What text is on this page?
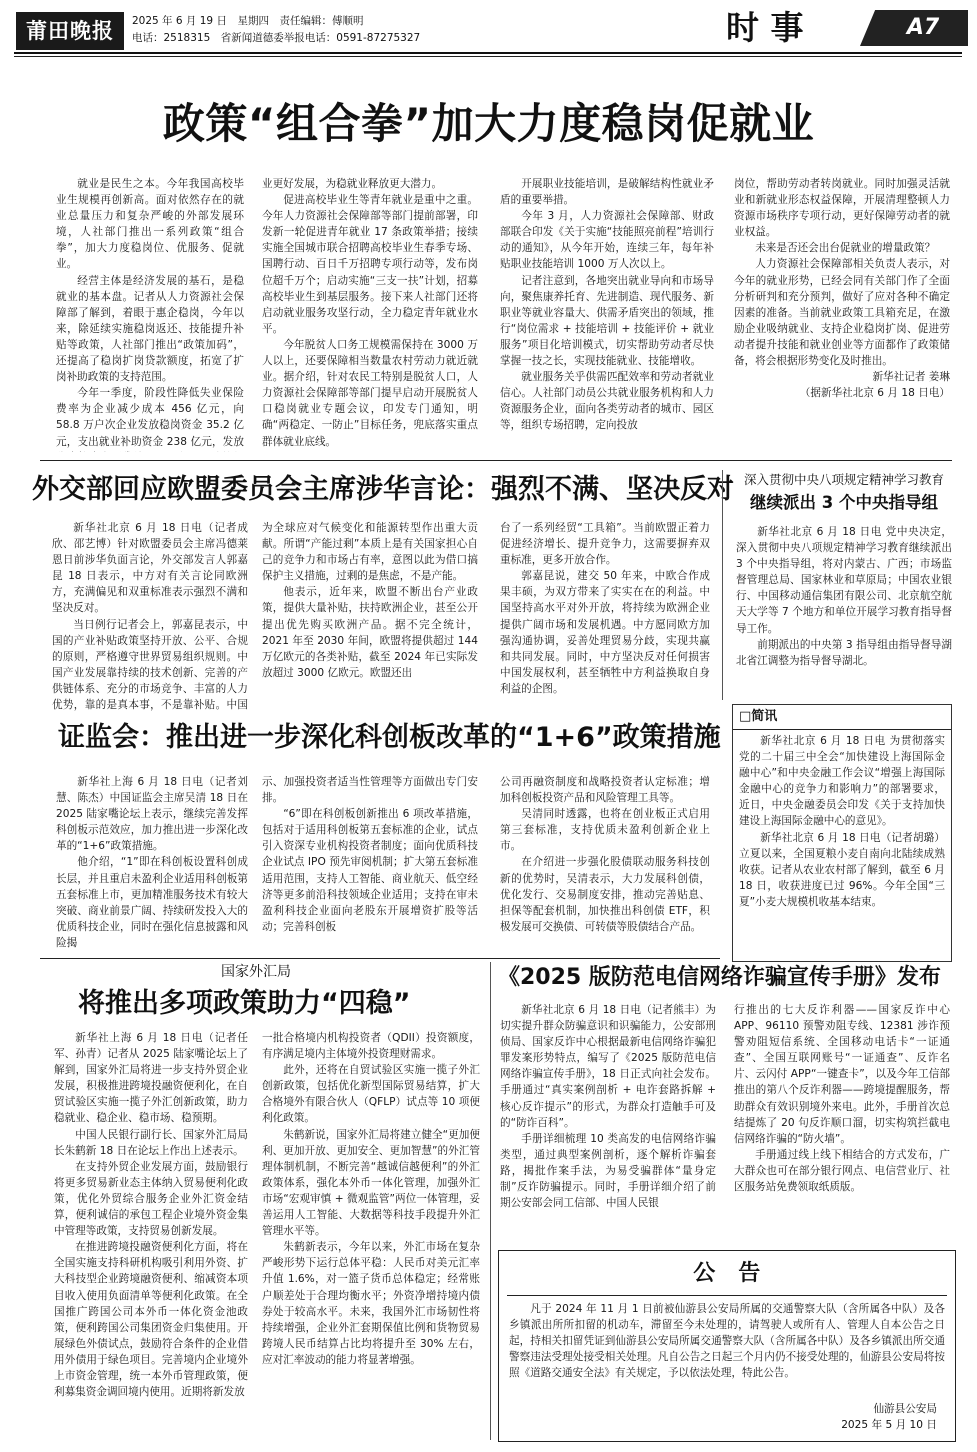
莆田晚报	2025 年 6 月 19 日　星期四　责任编辑：傅顺明
电话：2518315　省新闻道德委举报电话：0591-87275327	时 事	A7
政策“组合拳”加大力度稳岗促就业

就业是民生之本。今年我国高校毕业生规模再创新高。面对依然存在的就业总量压力和复杂严峻的外部发展环境，人社部门推出一系列政策“组合拳”，加大力度稳岗位、优服务、促就业。

经营主体是经济发展的基石，是稳就业的基本盘。记者从人力资源社会保障部了解到，着眼于惠企稳岗，今年以来，除延续实施稳岗返还、技能提升补贴等政策，人社部门推出“政策加码”，还提高了稳岗扩岗贷款额度，拓宽了扩岗补助政策的支持范围。

今年一季度，阶段性降低失业保险费率为企业减少成本 456 亿元，向 58.8 万户次企业发放稳岗资金 35.2 亿元，支出就业补助资金 238 亿元，发放

业更好发展，为稳就业释放更大潜力。

促进高校毕业生等青年就业是重中之重。今年人力资源社会保障部等部门提前部署，印发新一轮促进青年就业 17 条政策举措；接续实施全国城市联合招聘高校毕业生春季专场、国聘行动、百日千万招聘专项行动等，发布岗位超千万个；启动实施“三支一扶”计划，招募高校毕业生到基层服务。接下来人社部门还将启动就业服务攻坚行动，全力稳定青年就业水平。

今年脱贫人口务工规模需保持在 3000 万人以上，还要保障相当数量农村劳动力就近就业。据介绍，针对农民工特别是脱贫人口，人力资源社会保障部等部门提早启动开展脱贫人口稳岗就业专题会议，印发专门通知，明确“两稳定、一防止”目标任务，兜底落实重点群体就业底线。

开展职业技能培训，是破解结构性就业矛盾的重要举措。

今年 3 月，人力资源社会保障部、财政部联合印发《关于实施“技能照亮前程”培训行动的通知》，从今年开始，连续三年，每年补贴职业技能培训 1000 万人次以上。

记者注意到，各地突出就业导向和市场导向，聚焦康养托育、先进制造、现代服务、新职业等就业容量大、供需矛盾突出的领域，推行“岗位需求 + 技能培训 + 技能评价 + 就业服务”项目化培训模式，切实帮助劳动者尽快掌握一技之长，实现技能就业、技能增收。

就业服务关乎供需匹配效率和劳动者就业信心。人社部门动员公共就业服务机构和人力资源服务企业，面向各类劳动者的城市、园区等，组织专场招聘，定向投放

岗位，帮助劳动者转岗就业。同时加强灵活就业和新就业形态权益保障，开展清理整顿人力资源市场秩序专项行动，更好保障劳动者的就业权益。

未来是否还会出台促就业的增量政策？

人力资源社会保障部相关负责人表示，对今年的就业形势，已经会同有关部门作了全面分析研判和充分预判，做好了应对各种不确定因素的准备。当前就业政策工具箱充足，在激励企业吸纳就业、支持企业稳岗扩岗、促进劳动者提升技能和就业创业等方面都作了政策储备，将会根据形势变化及时推出。

新华社记者 姜琳

（据新华社北京 6 月 18 日电）

外交部回应欧盟委员会主席涉华言论：强烈不满、坚决反对

新华社北京 6 月 18 日电（记者成欣、邵艺博）针对欧盟委员会主席冯德莱恩日前涉华负面言论，外交部发言人郭嘉昆 18 日表示，中方对有关言论同欧洲方，充满偏见和双重标准表示强烈不满和坚决反对。

当日例行记者会上，郭嘉昆表示，中国的产业补贴政策坚持开放、公平、合规的原则，严格遵守世界贸易组织规则。中国产业发展靠持续的技术创新、完善的产供链体系、充分的市场竞争、丰富的人力优势，靠的是真本事，不是靠补贴。中国

为全球应对气候变化和能源转型作出重大贡献。所谓“产能过剩”本质上是有关国家担心自己的竞争力和市场占有率，意图以此为借口搞保护主义措施，过剩的是焦虑，不是产能。

他表示，近年来，欧盟不断出台产业政策，提供大量补贴，扶持欧洲企业，甚至公开提出优先购买欧洲产品。据不完全统计，2021 年至 2030 年间，欧盟将提供超过 144 万亿欧元的各类补贴，截至 2024 年已实际发放超过 3000 亿欧元。欧盟还出

台了一系列经贸“工具箱”。当前欧盟正着力促进经济增长、提升竞争力，这需要摒弃双重标准，更多开放合作。

郭嘉昆说，建交 50 年来，中欧合作成果丰硕，为双方带来了实实在在的利益。中国坚持高水平对外开放，将持续为欧洲企业提供广阔市场和发展机遇。中方愿同欧方加强沟通协调，妥善处理贸易分歧，实现共赢和共同发展。同时，中方坚决反对任何损害中国发展权利，甚至牺牲中方利益换取自身利益的企图。

深入贯彻中央八项规定精神学习教育
继续派出 3 个中央指导组

新华社北京 6 月 18 日电 党中央决定，深入贯彻中央八项规定精神学习教育继续派出 3 个中央指导组，将对内蒙古、广西；市场监督管理总局、国家林业和草原局；中国农业银行、中国移动通信集团有限公司、北京航空航天大学等 7 个地方和单位开展学习教育指导督导工作。

前期派出的中央第 3 指导组由指导督导湖北省江调整为指导督导湖北。

证监会：推出进一步深化科创板改革的“1+6”政策措施

新华社上海 6 月 18 日电（记者刘慧、陈杰）中国证监会主席吴清 18 日在 2025 陆家嘴论坛上表示，继续完善发挥科创板示范效应，加力推出进一步深化改革的“1+6”政策措施。

他介绍，“1”即在科创板设置科创成长层，并且重启未盈利企业适用科创板第五套标准上市，更加精准服务技术有较大突破、商业前景广阔、持续研发投入大的优质科技企业，同时在强化信息披露和风险揭

示、加强投资者适当性管理等方面做出专门安排。

“6”即在科创板创新推出 6 项改革措施，包括对于适用科创板第五套标准的企业，试点引入资深专业机构投资者制度；面向优质科技企业试点 IPO 预先审阅机制；扩大第五套标准适用范围，支持人工智能、商业航天、低空经济等更多前沿科技领域企业适用；支持在审未盈利科技企业面向老股东开展增资扩股等活动；完善科创板

公司再融资制度和战略投资者认定标准；增加科创板投资产品和风险管理工具等。

吴清同时透露，也将在创业板正式启用第三套标准，支持优质未盈利创新企业上市。

在介绍进一步强化股债联动服务科技创新的优势时，吴清表示，大力发展科创债，优化发行、交易制度安排，推动完善贴息、担保等配套机制，加快推出科创债 ETF，积极发展可交换债、可转债等股债结合产品。

□简讯

新华社北京 6 月 18 日电 为贯彻落实党的二十届三中全会“加快建设上海国际金融中心”和中央金融工作会议“增强上海国际金融中心的竞争力和影响力”的部署要求，近日，中央金融委员会印发《关于支持加快建设上海国际金融中心的意见》。

新华社北京 6 月 18 日电（记者胡璐）立夏以来，全国夏粮小麦自南向北陆续成熟收获。记者从农业农村部了解到，截至 6 月 18 日，收获进度已过 96%。今年全国“三夏”小麦大规模机收基本结束。

国家外汇局
将推出多项政策助力“四稳”

新华社上海 6 月 18 日电（记者任军、孙青）记者从 2025 陆家嘴论坛上了解到，国家外汇局将进一步支持外贸企业发展，积极推进跨境投融资便利化，在自贸试验区实施一揽子外汇创新政策，助力稳就业、稳企业、稳市场、稳预期。

中国人民银行副行长、国家外汇局局长朱鹤新 18 日在论坛上作出上述表示。

在支持外贸企业发展方面，鼓励银行将更多贸易新业态主体纳入贸易便利化政策，优化外贸综合服务企业外汇资金结算，便利诚信的承包工程企业境外资金集中管理等政策，支持贸易创新发展。

在推进跨境投融资便利化方面，将在全国实施支持科研机构吸引利用外资、扩大科技型企业跨境融资便利、缩减资本项目收入使用负面清单等便利化政策。在全国推广跨国公司本外币一体化资金池政策，便利跨国公司集团资金归集使用。开展绿色外债试点，鼓励符合条件的企业借用外债用于绿色项目。完善境内企业境外上市资金管理，统一本外币管理政策，便利募集资金调回境内使用。近期将新发放

一批合格境内机构投资者（QDII）投资额度，有序满足境内主体境外投资理财需求。

此外，还将在自贸试验区实施一揽子外汇创新政策，包括优化新型国际贸易结算，扩大合格境外有限合伙人（QFLP）试点等 10 项便利化政策。

朱鹤新说，国家外汇局将建立健全“更加便利、更加开放、更加安全、更加智慧”的外汇管理体制机制，不断完善“越诚信越便利”的外汇政策体系，强化本外币一体化管理，加强外汇市场“宏观审慎 + 微观监管”两位一体管理，妥善运用人工智能、大数据等科技手段提升外汇管理水平等。

朱鹤新表示，今年以来，外汇市场在复杂严峻形势下运行总体平稳：人民币对美元汇率升值 1.6%，对一篮子货币总体稳定；经常账户顺差处于合理均衡水平；外资净增持境内债券处于较高水平。未来，我国外汇市场韧性将持续增强，企业外汇套期保值比例和货物贸易跨境人民币结算占比均将提升至 30% 左右，应对汇率波动的能力将显著增强。

《2025 版防范电信网络诈骗宣传手册》发布

新华社北京 6 月 18 日电（记者熊丰）为切实提升群众防骗意识和识骗能力，公安部刑侦局、国家反诈中心根据最新电信网络诈骗犯罪发案形势特点，编写了《2025 版防范电信网络诈骗宣传手册》，18 日正式向社会发布。手册通过“真实案例剖析 + 电诈套路拆解 + 核心反诈提示”的形式，为群众打造触手可及的“防诈百科”。

手册详细梳理 10 类高发的电信网络诈骗类型，通过典型案例剖析，逐个解析诈骗套路，揭批作案手法，为易受骗群体“量身定制”反诈防骗提示。同时，手册详细介绍了前期公安部会同工信部、中国人民银

行推出的七大反诈利器——国家反诈中心 APP、96110 预警劝阻专线、12381 涉诈预警劝阻短信系统、全国移动电话卡“一证通查”、全国互联网账号“一证通查”、反诈名片、云闪付 APP“一键查卡”，以及今年工信部推出的第八个反诈利器——跨境提醒服务，帮助群众有效识别境外来电。此外，手册首次总结提炼了 20 句反诈顺口溜，切实构筑拦截电信网络诈骗的“防火墙”。

手册通过线上线下相结合的方式发布，广大群众也可在部分银行网点、电信营业厅、社区服务站免费领取纸质版。

公　告

凡于 2024 年 11 月 1 日前被仙游县公安局所属的交通警察大队（含所属各中队）及各乡镇派出所所扣留的机动车，滞留至今未处理的，请驾驶人或所有人、管理人自本公告之日起，持相关扣留凭证到仙游县公安局所属交通警察大队（含所属各中队）及各乡镇派出所交通警察违法受理处接受相关处理。凡自公告之日起三个月内仍不接受处理的，仙游县公安局将按照《道路交通安全法》有关规定，予以依法处理，特此公告。

仙游县公安局
2025 年 5 月 10 日
